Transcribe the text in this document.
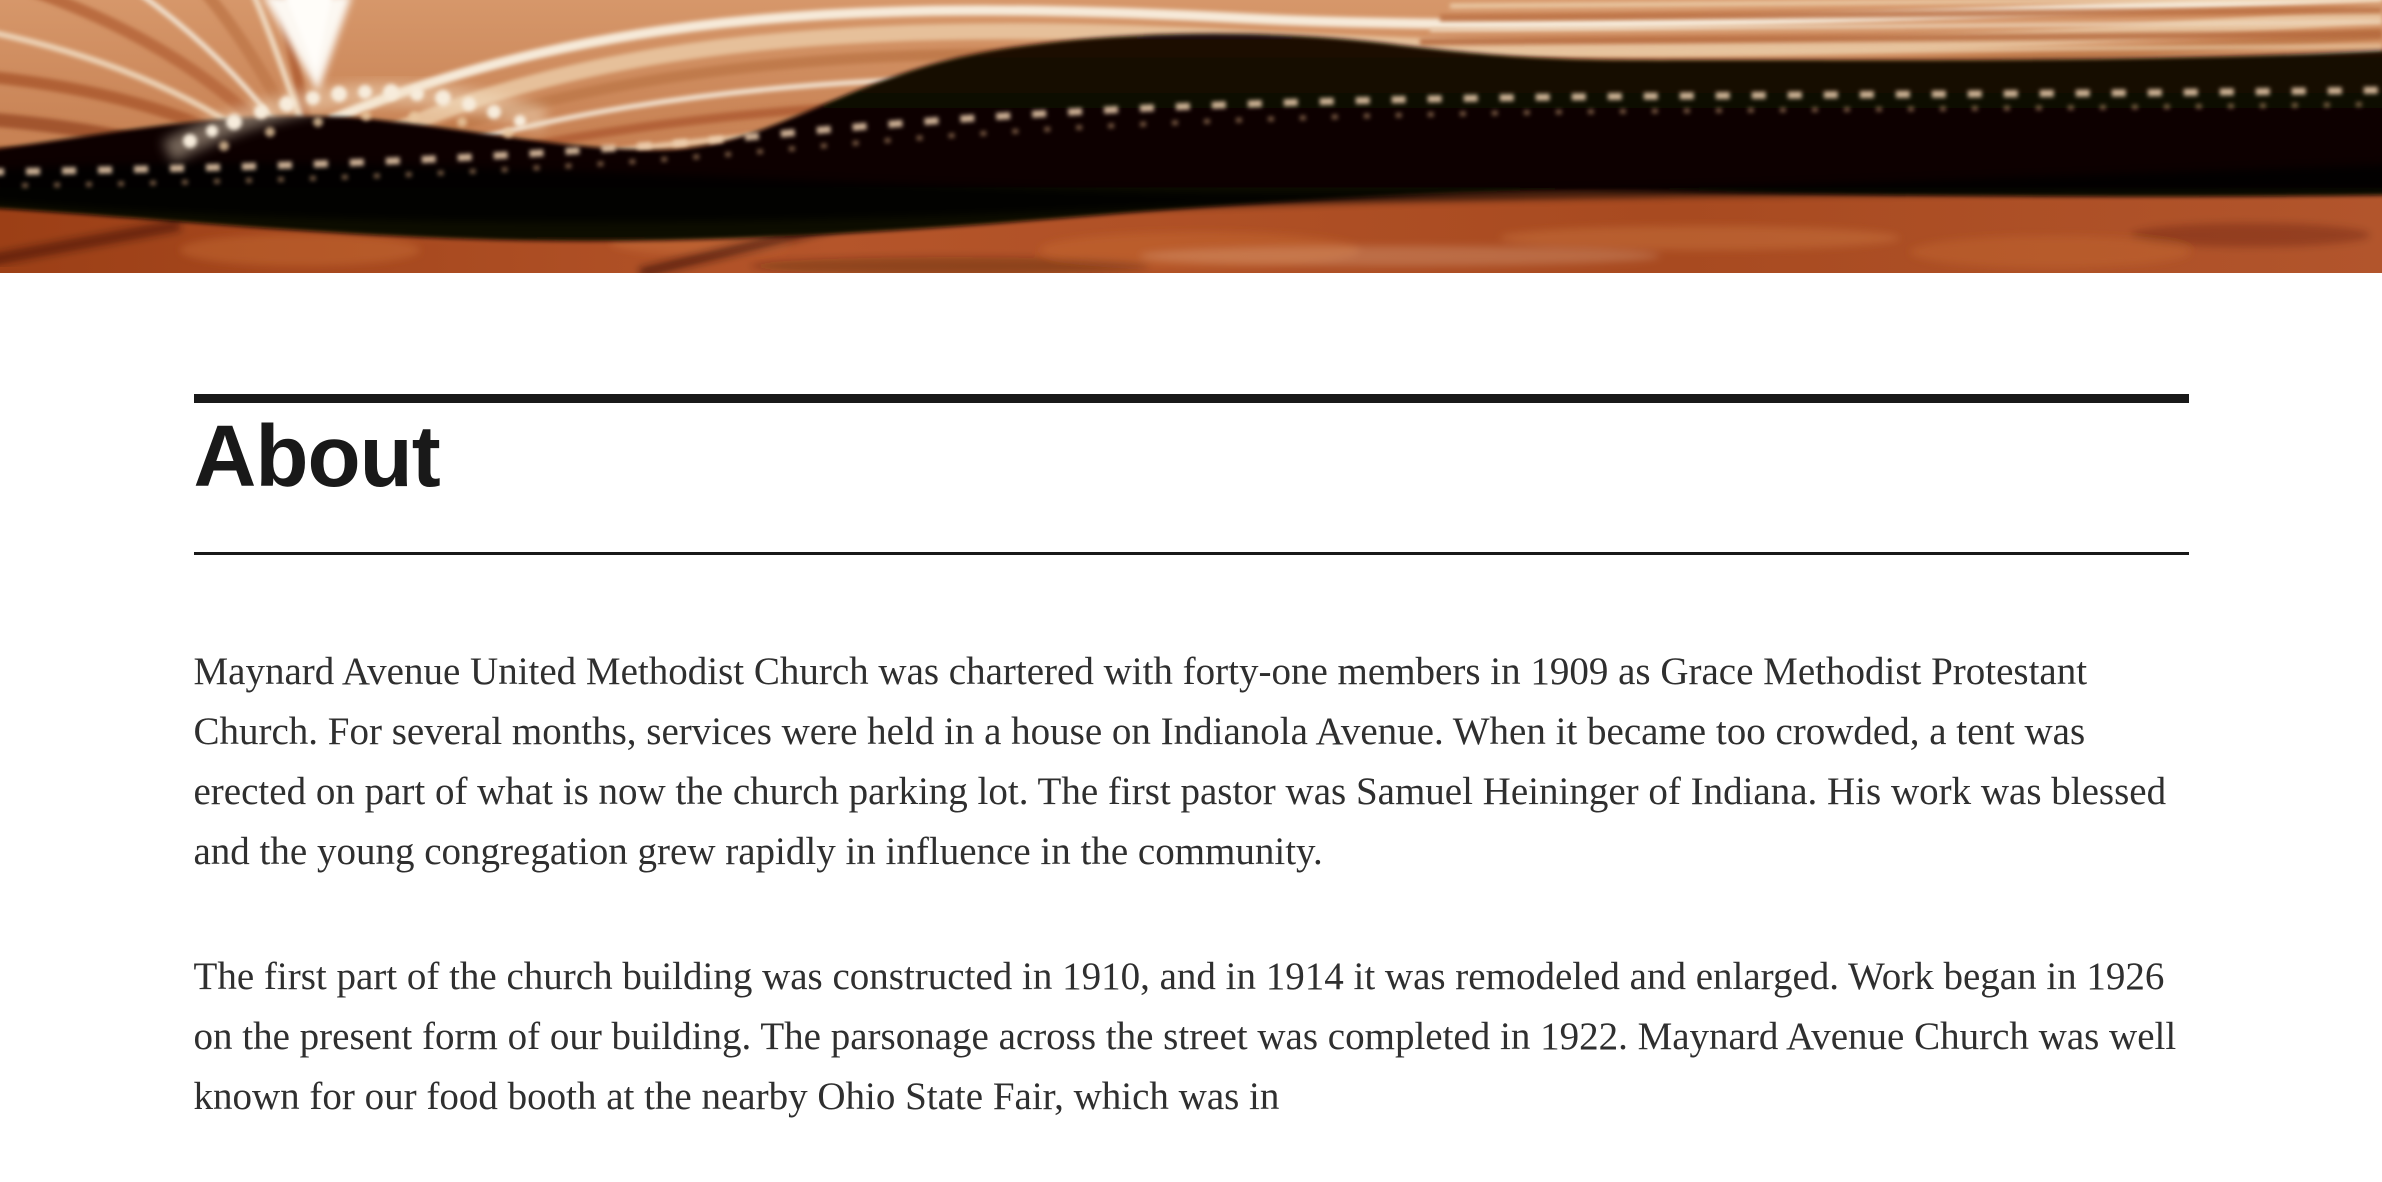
About

Maynard Avenue United Methodist Church was chartered with forty-one members in 1909 as Grace Methodist Protestant Church. For several months, services were held in a house on Indianola Avenue. When it became too crowded, a tent was erected on part of what is now the church parking lot. The first pastor was Samuel Heininger of Indiana. His work was blessed and the young congregation grew rapidly in influence in the community.

The first part of the church building was constructed in 1910, and in 1914 it was remodeled and enlarged. Work began in 1926 on the present form of our building. The parsonage across the street was completed in 1922. Maynard Avenue Church was well known for our food booth at the nearby Ohio State Fair, which was in
